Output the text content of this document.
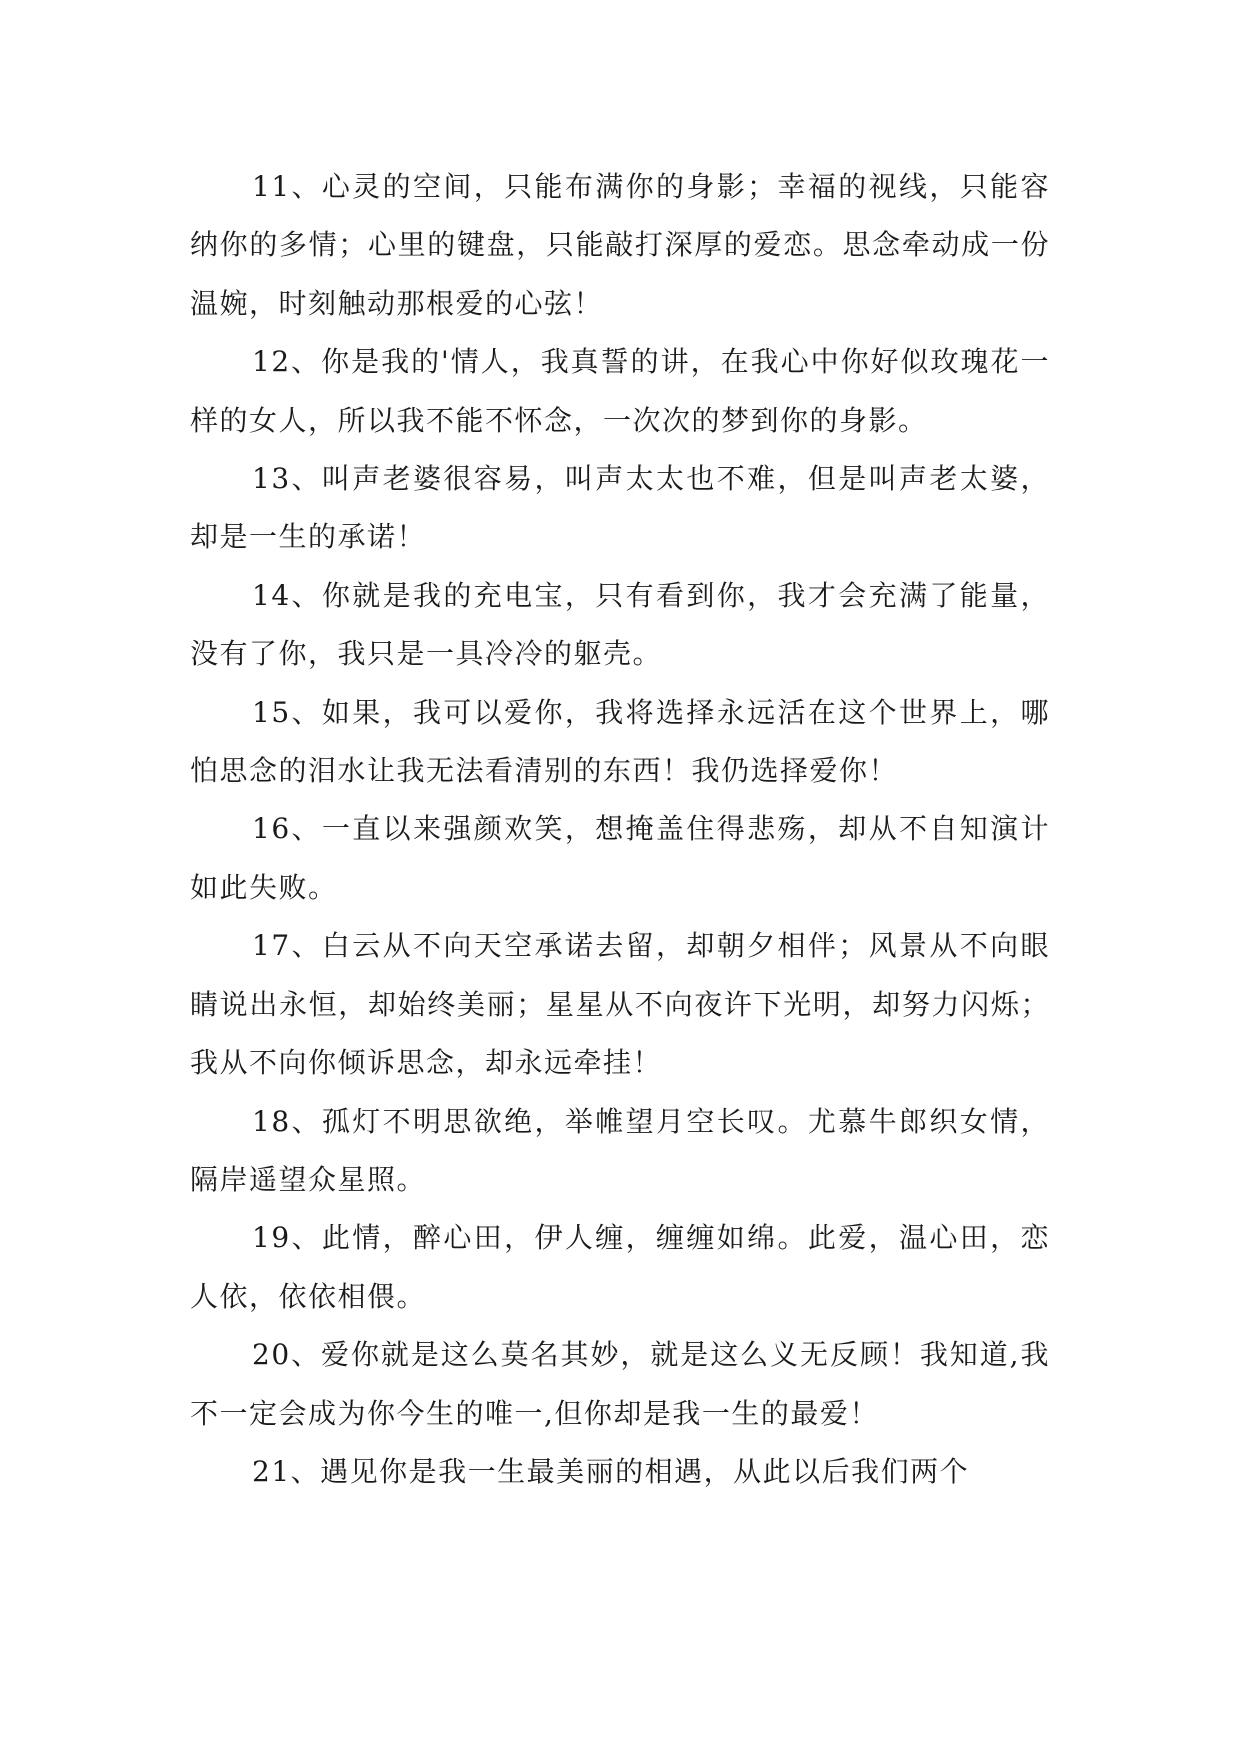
11、心灵的空间，只能布满你的身影；幸福的视线，只能容纳你的多情；心里的键盘，只能敲打深厚的爱恋。思念牵动成一份温婉，时刻触动那根爱的心弦！

12、你是我的'情人，我真誓的讲，在我心中你好似玫瑰花一样的女人，所以我不能不怀念，一次次的梦到你的身影。

13、叫声老婆很容易，叫声太太也不难，但是叫声老太婆，却是一生的承诺！

14、你就是我的充电宝，只有看到你，我才会充满了能量，没有了你，我只是一具冷冷的躯壳。

15、如果，我可以爱你，我将选择永远活在这个世界上，哪怕思念的泪水让我无法看清别的东西！我仍选择爱你！

16、一直以来强颜欢笑，想掩盖住得悲殇，却从不自知演计如此失败。

17、白云从不向天空承诺去留，却朝夕相伴；风景从不向眼睛说出永恒，却始终美丽；星星从不向夜许下光明，却努力闪烁；我从不向你倾诉思念，却永远牵挂！

18、孤灯不明思欲绝，举帷望月空长叹。尤慕牛郎织女情，隔岸遥望众星照。

19、此情，醉心田，伊人缠，缠缠如绵。此爱，温心田，恋人依，依依相偎。

20、爱你就是这么莫名其妙，就是这么义无反顾！我知道,我不一定会成为你今生的唯一,但你却是我一生的最爱！

21、遇见你是我一生最美丽的相遇，从此以后我们两个
